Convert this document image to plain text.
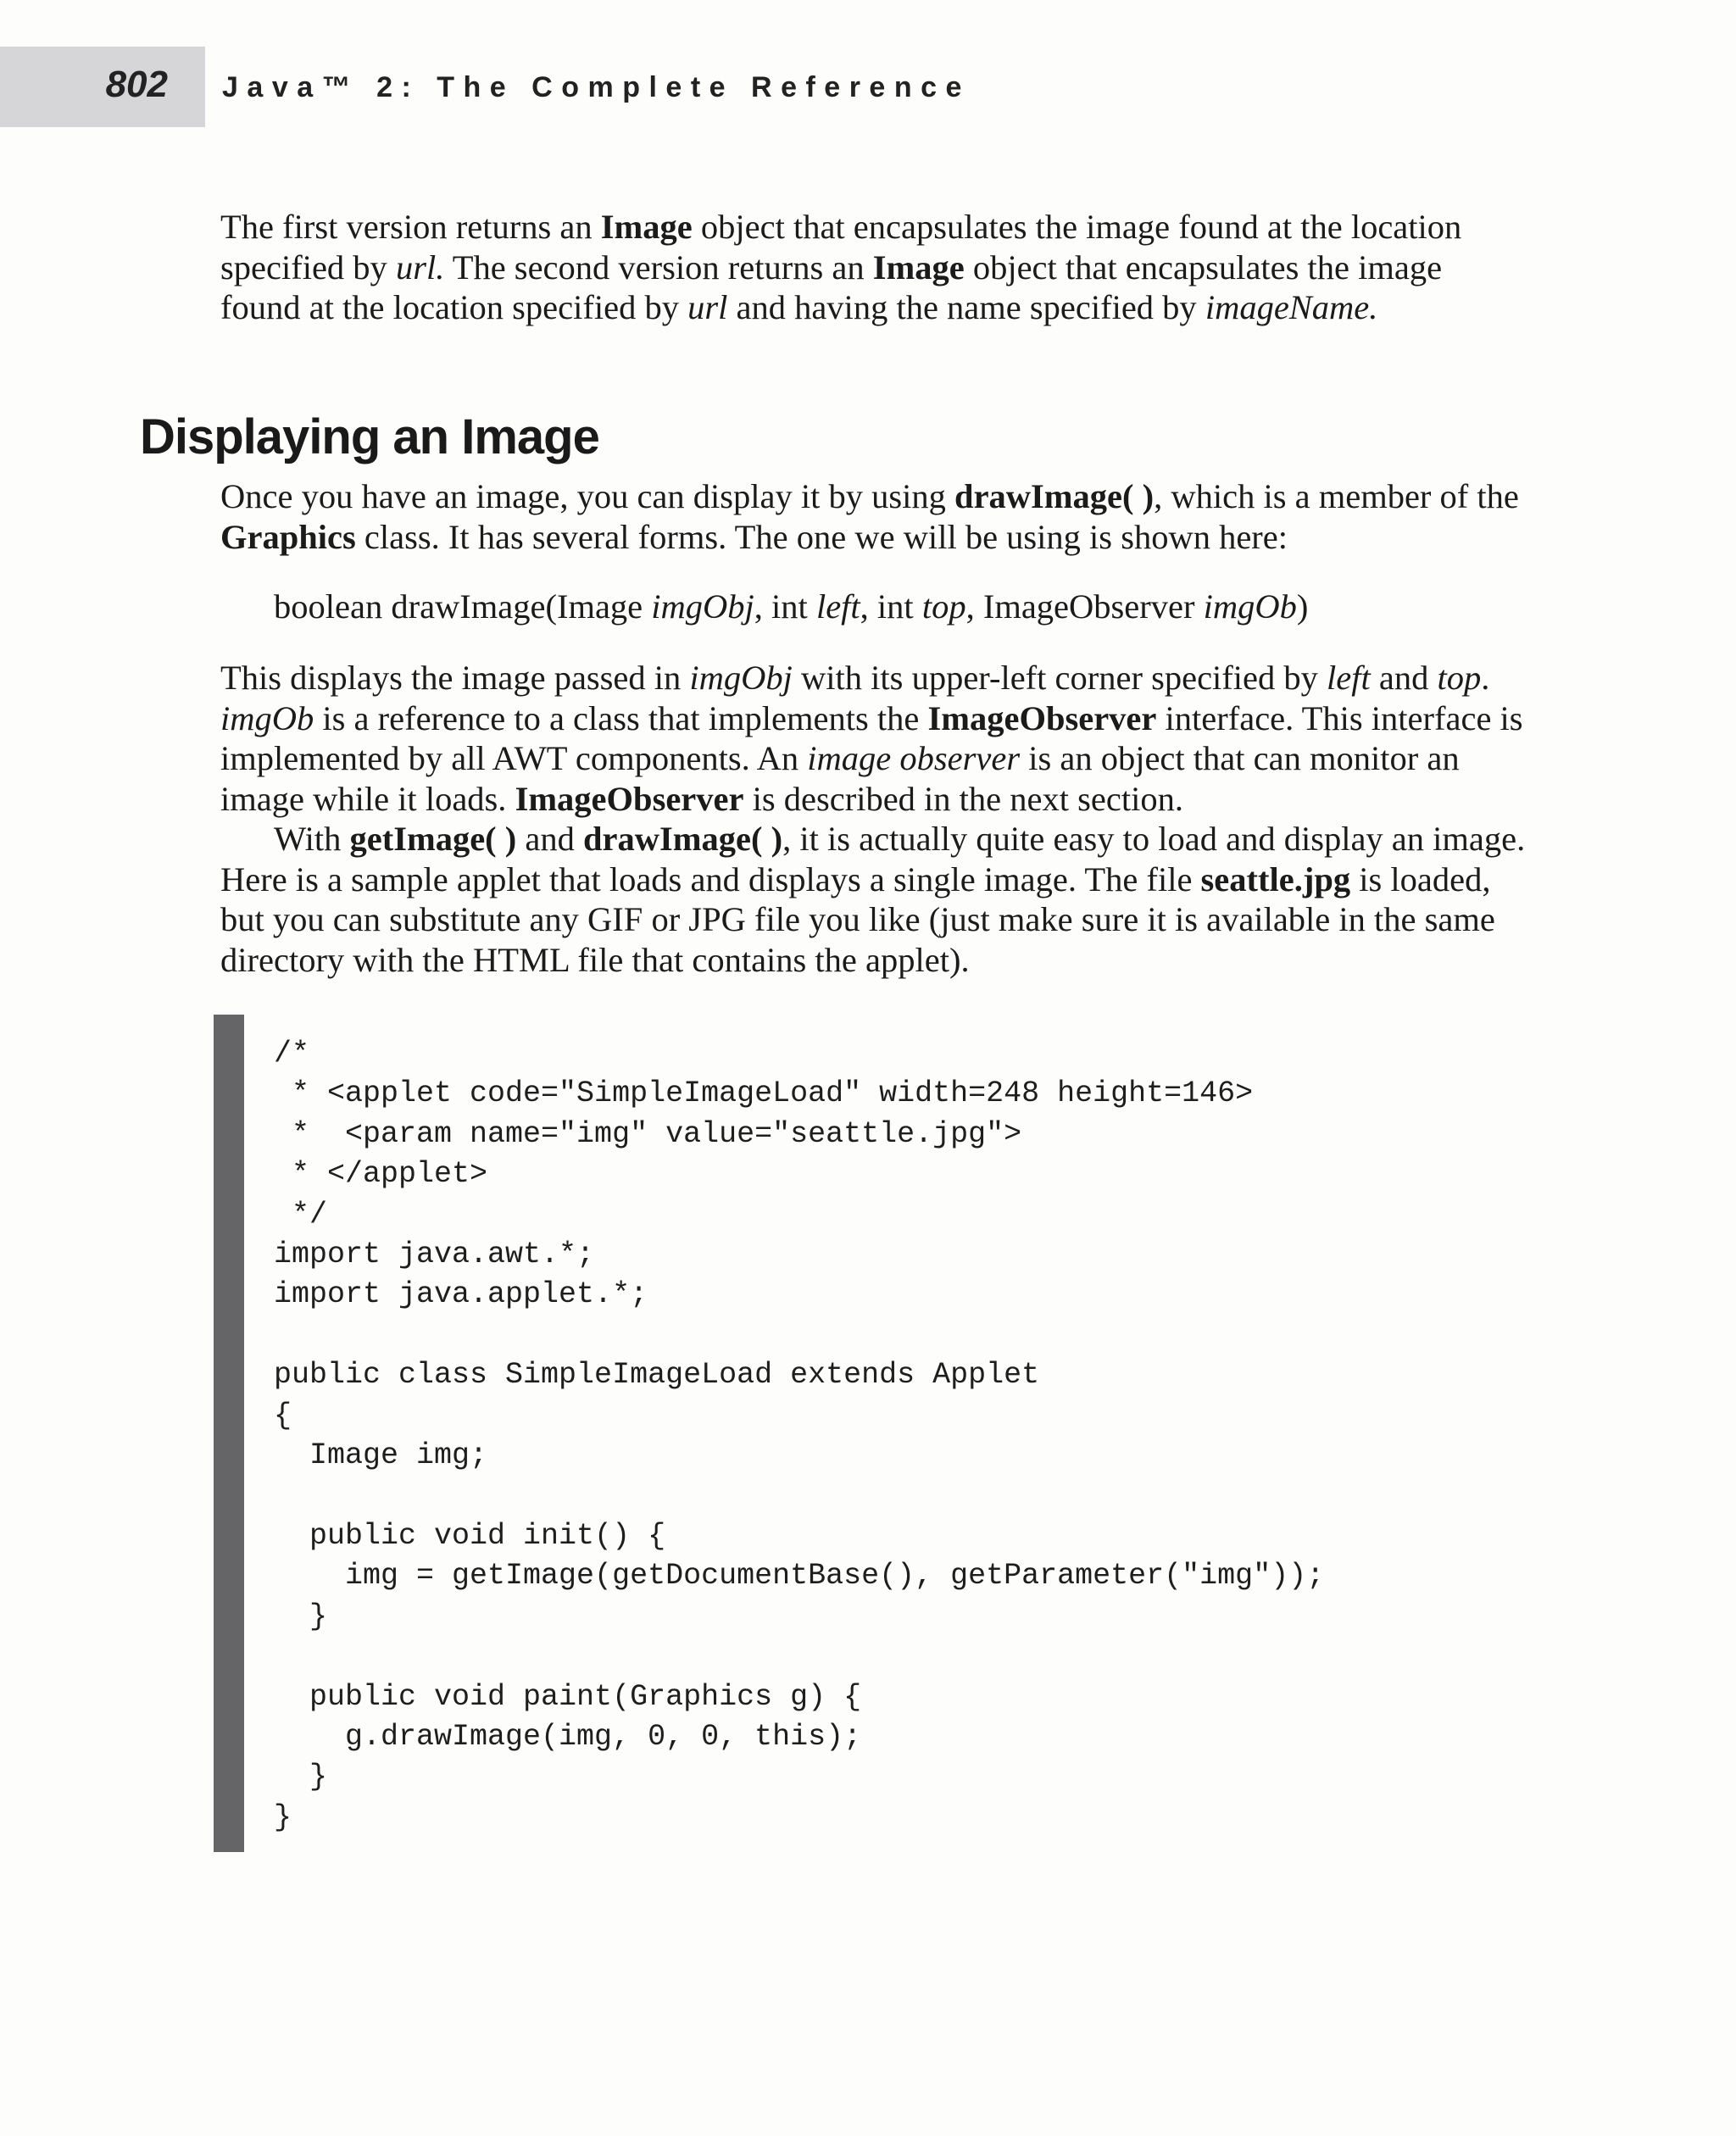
802 Java™ 2: The Complete Reference

The first version returns an Image object that encapsulates the image found at the location specified by url. The second version returns an Image object that encapsulates the image found at the location specified by url and having the name specified by imageName.

Displaying an Image

Once you have an image, you can display it by using drawImage( ), which is a member of the Graphics class. It has several forms. The one we will be using is shown here:

boolean drawImage(Image imgObj, int left, int top, ImageObserver imgOb)

This displays the image passed in imgObj with its upper-left corner specified by left and top. imgOb is a reference to a class that implements the ImageObserver interface. This interface is implemented by all AWT components. An image observer is an object that can monitor an image while it loads. ImageObserver is described in the next section.
With getImage( ) and drawImage( ), it is actually quite easy to load and display an image. Here is a sample applet that loads and displays a single image. The file seattle.jpg is loaded, but you can substitute any GIF or JPG file you like (just make sure it is available in the same directory with the HTML file that contains the applet).
/*
* <applet code="SimpleImageLoad" width=248 height=146>
*  <param name="img" value="seattle.jpg">
* </applet>
*/
import java.awt.*;
import java.applet.*;

public class SimpleImageLoad extends Applet
{
Image img;

public void init() {
img = getImage(getDocumentBase(), getParameter("img"));
}

public void paint(Graphics g) {
g.drawImage(img, 0, 0, this);
}
}
